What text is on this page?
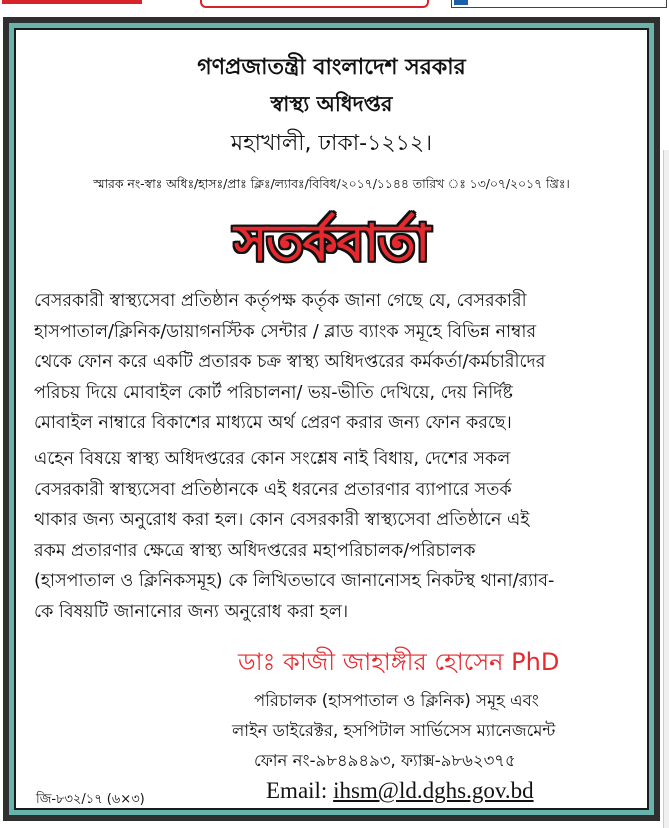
গণপ্রজাতন্ত্রী বাংলাদেশ সরকার
স্বাস্থ্য অধিদপ্তর
মহাখালী, ঢাকা-১২১২।
স্মারক নং-স্বাঃ অধিঃ/হাসঃ/প্রাঃ ক্লিঃ/ল্যাবঃ/বিবিধ/২০১৭/১১৪৪ তারিখ ঃ ১৩/০৭/২০১৭ খ্রিঃ।
সতর্কবার্তা
বেসরকারী স্বাস্থ্যসেবা প্রতিষ্ঠান কর্তৃপক্ষ কর্তৃক জানা গেছে যে, বেসরকারী
হাসপাতাল/ক্লিনিক/ডায়াগনস্টিক সেন্টার / ব্লাড ব্যাংক সমূহে বিভিন্ন নাম্বার
থেকে ফোন করে একটি প্রতারক চক্র স্বাস্থ্য অধিদপ্তরের কর্মকর্তা/কর্মচারীদের
পরিচয় দিয়ে মোবাইল কোর্ট পরিচালনা/ ভয়-ভীতি দেখিয়ে, দেয় নির্দিষ্ট
মোবাইল নাম্বারে বিকাশের মাধ্যমে অর্থ প্রেরণ করার জন্য ফোন করছে।
এহেন বিষয়ে স্বাস্থ্য অধিদপ্তরের কোন সংশ্লেষ নাই বিধায়, দেশের সকল
বেসরকারী স্বাস্থ্যসেবা প্রতিষ্ঠানকে এই ধরনের প্রতারণার ব্যাপারে সতর্ক
থাকার জন্য অনুরোধ করা হল। কোন বেসরকারী স্বাস্থ্যসেবা প্রতিষ্ঠানে এই
রকম প্রতারণার ক্ষেত্রে স্বাস্থ্য অধিদপ্তরের মহাপরিচালক/পরিচালক
(হাসপাতাল ও ক্লিনিকসমূহ) কে লিখিতভাবে জানানোসহ নিকটস্থ থানা/র‌্যাব-
কে বিষয়টি জানানোর জন্য অনুরোধ করা হল।
ডাঃ কাজী জাহাঙ্গীর হোসেন PhD
পরিচালক (হাসপাতাল ও ক্লিনিক) সমূহ এবং
লাইন ডাইরেক্টর, হসপিটাল সার্ভিসেস ম্যানেজমেন্ট
ফোন নং-৯৮৪৯৪৯৩, ফ্যাক্স-৯৮৬২৩৭৫
Email: ihsm@ld.dghs.gov.bd
জি-৮৩২/১৭ (৬×৩)
